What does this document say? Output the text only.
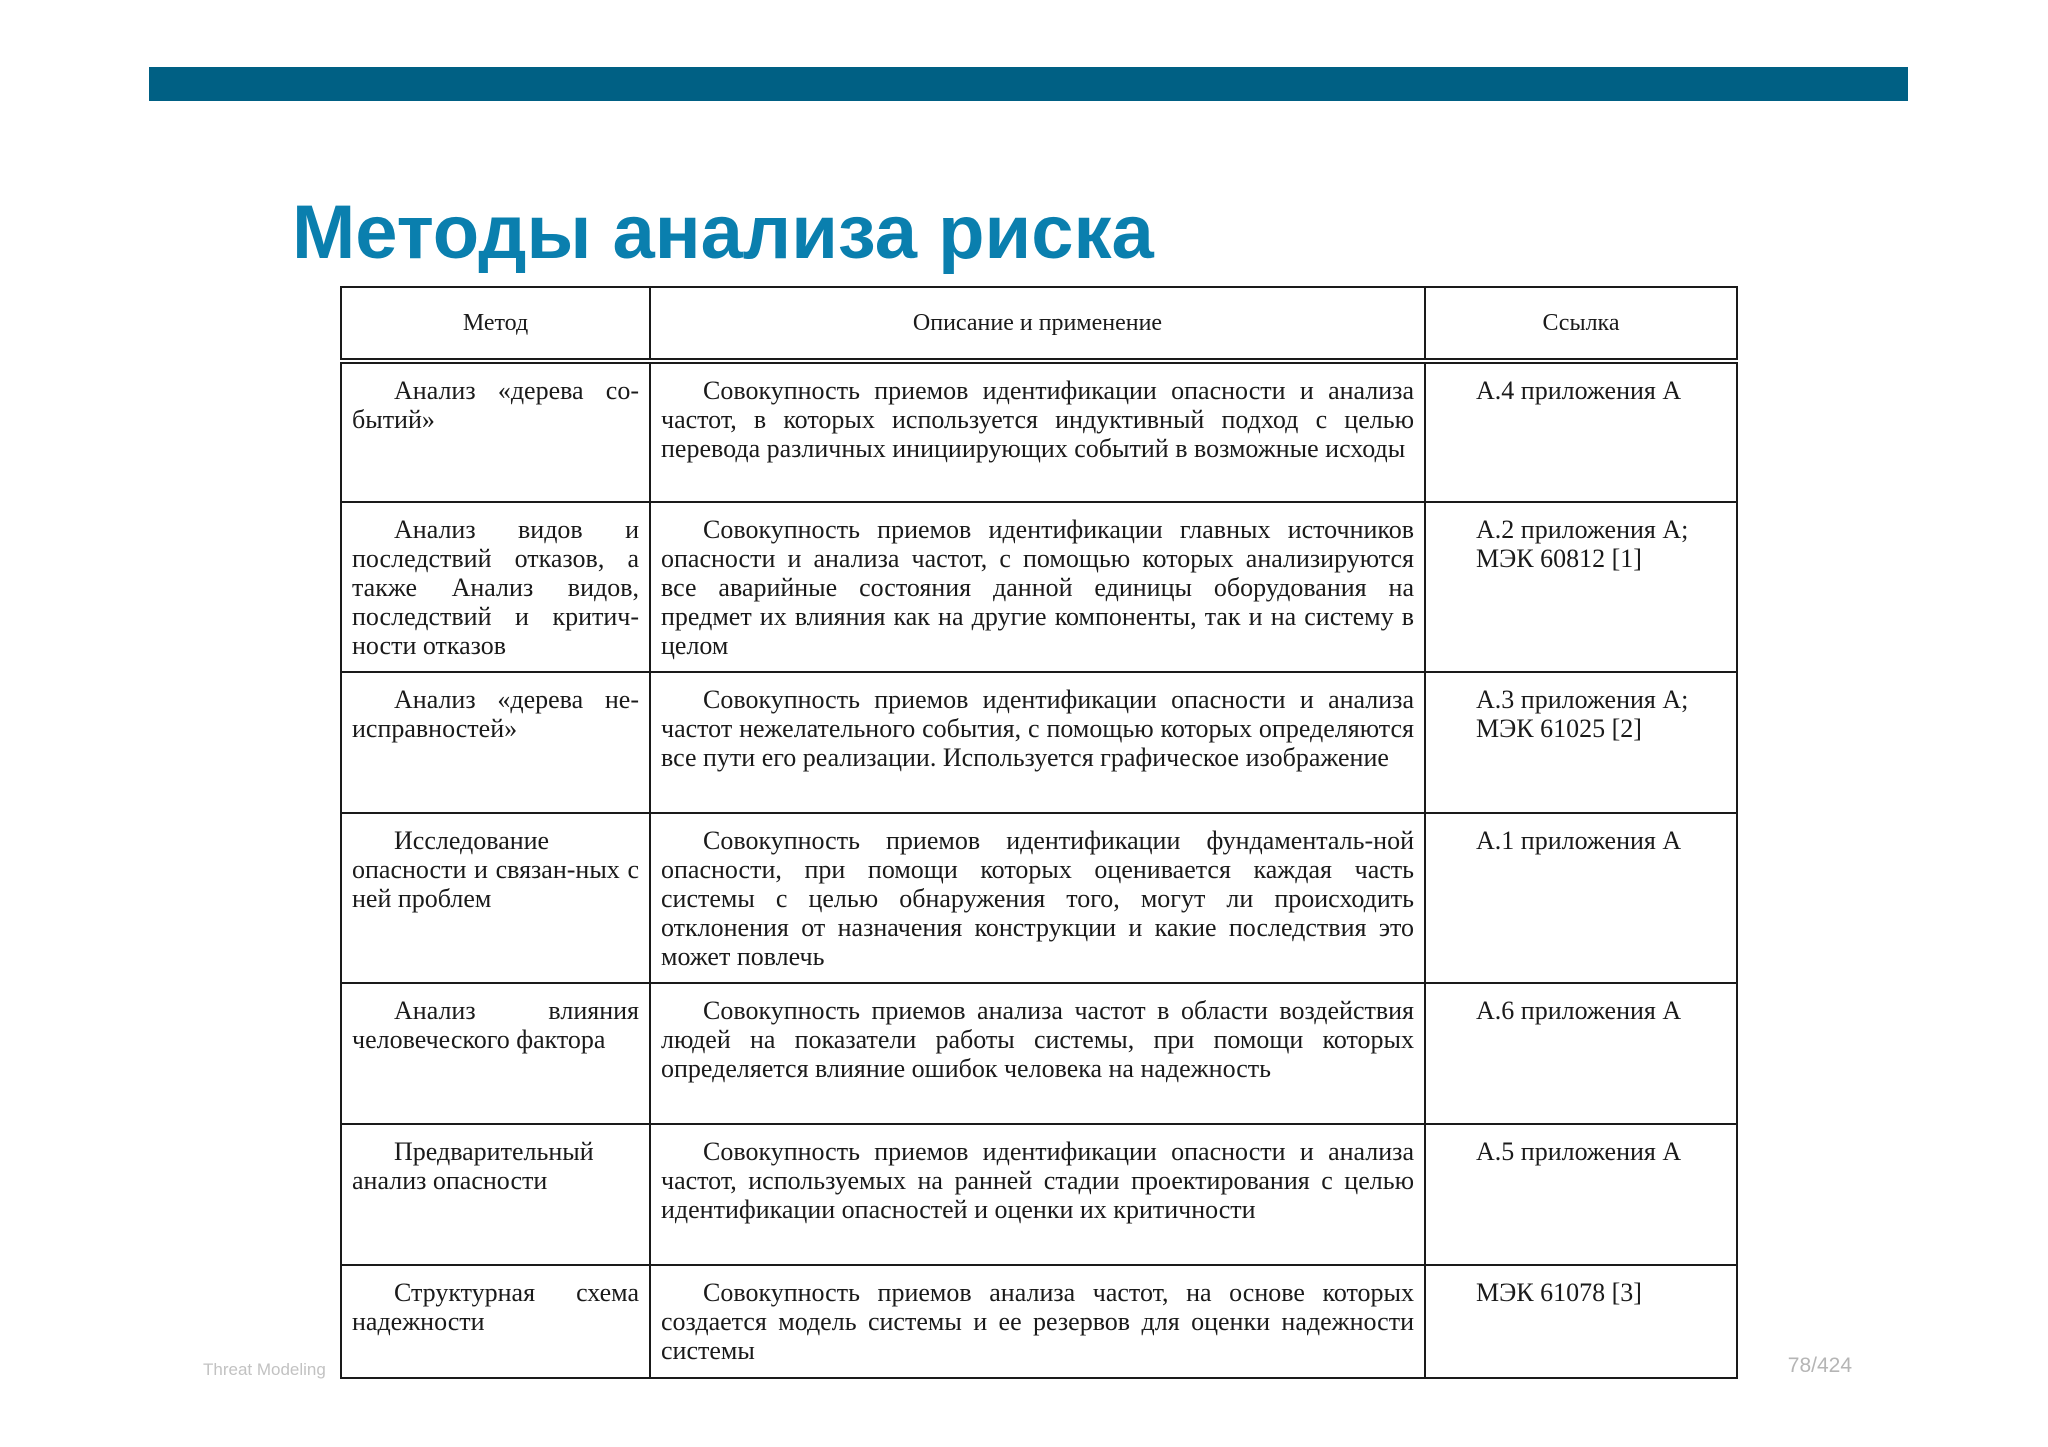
Методы анализа риска
Метод	Описание и применение	Ссылка
Анализ «дерева со-бытий»	Совокупность приемов идентификации опасности и анализа частот, в которых используется индуктивный подход с целью перевода различных инициирующих событий в возможные исходы	А.4 приложения А
Анализ видов и последствий отказов, а также Анализ видов, последствий и критич-ности отказов	Совокупность приемов идентификации главных источников опасности и анализа частот, с помощью которых анализируются все аварийные состояния данной единицы оборудования на предмет их влияния как на другие компоненты, так и на систему в целом	А.2 приложения А; МЭК 60812 [1]
Анализ «дерева не-исправностей»	Совокупность приемов идентификации опасности и анализа частот нежелательного события, с помощью которых определяются все пути его реализации. Используется графическое изображение	А.3 приложения А; МЭК 61025 [2]
Исследование опасности и связан-ных с ней проблем	Совокупность приемов идентификации фундаменталь-ной опасности, при помощи которых оценивается каждая часть системы с целью обнаружения того, могут ли происходить отклонения от назначения конструкции и какие последствия это может повлечь	А.1 приложения А
Анализ влияния человеческого фактора	Совокупность приемов анализа частот в области воздействия людей на показатели работы системы, при помощи которых определяется влияние ошибок человека на надежность	А.6 приложения А
Предварительный анализ опасности	Совокупность приемов идентификации опасности и анализа частот, используемых на ранней стадии проектирования с целью идентификации опасностей и оценки их критичности	А.5 приложения А
Структурная схема надежности	Совокупность приемов анализа частот, на основе которых создается модель системы и ее резервов для оценки надежности системы	МЭК 61078 [3]
Threat Modeling	78/424
